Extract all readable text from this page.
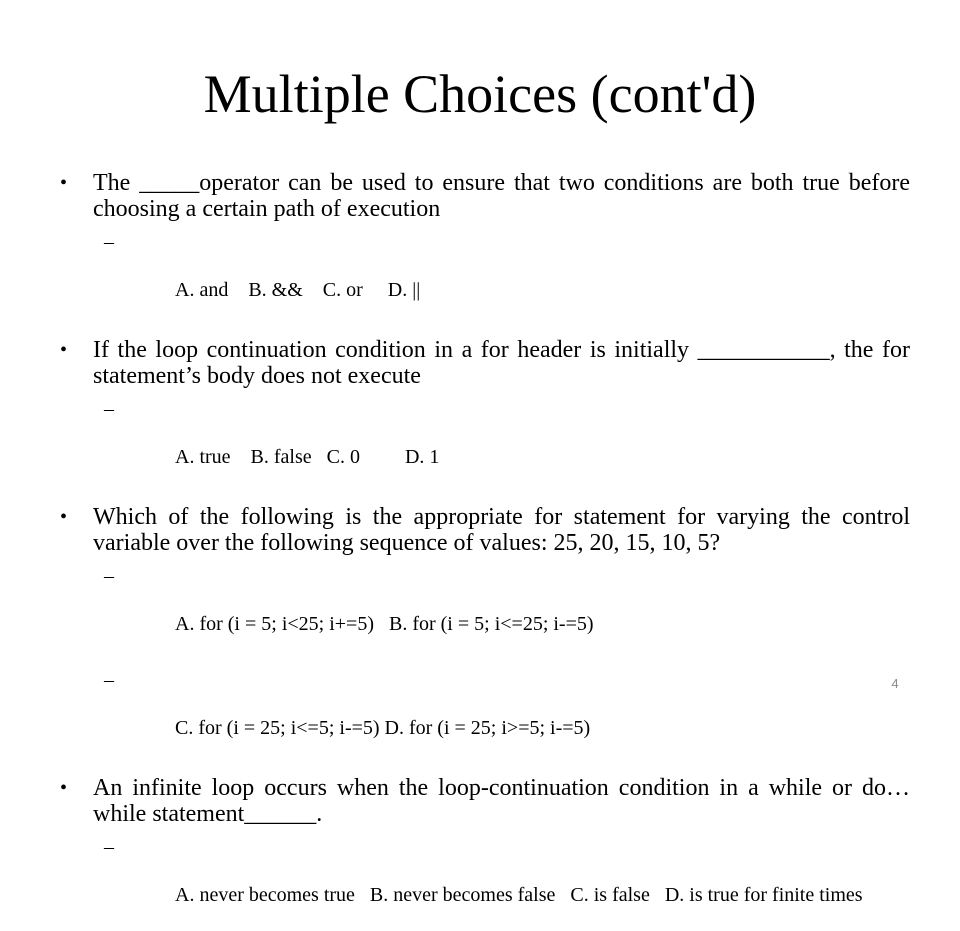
Multiple Choices (cont'd)
• The _____operator can be used to ensure that two conditions are both true before choosing a certain path of execution

–

A. and    B. &&    C. or     D. ||

• If the loop continuation condition in a for header is initially ___________, the for statement’s body does not execute

–

A. true    B. false   C. 0         D. 1

• Which of the following is the appropriate for statement for varying the control variable over the following sequence of values: 25, 20, 15, 10, 5?

–

A. for (i = 5; i<25; i+=5)   B. for (i = 5; i<=25; i-=5)

–

C. for (i = 25; i<=5; i-=5) D. for (i = 25; i>=5; i-=5)

• An infinite loop occurs when the loop-continuation condition in a while or do…while statement______.

–

A. never becomes true   B. never becomes false   C. is false   D. is true for finite times

4
